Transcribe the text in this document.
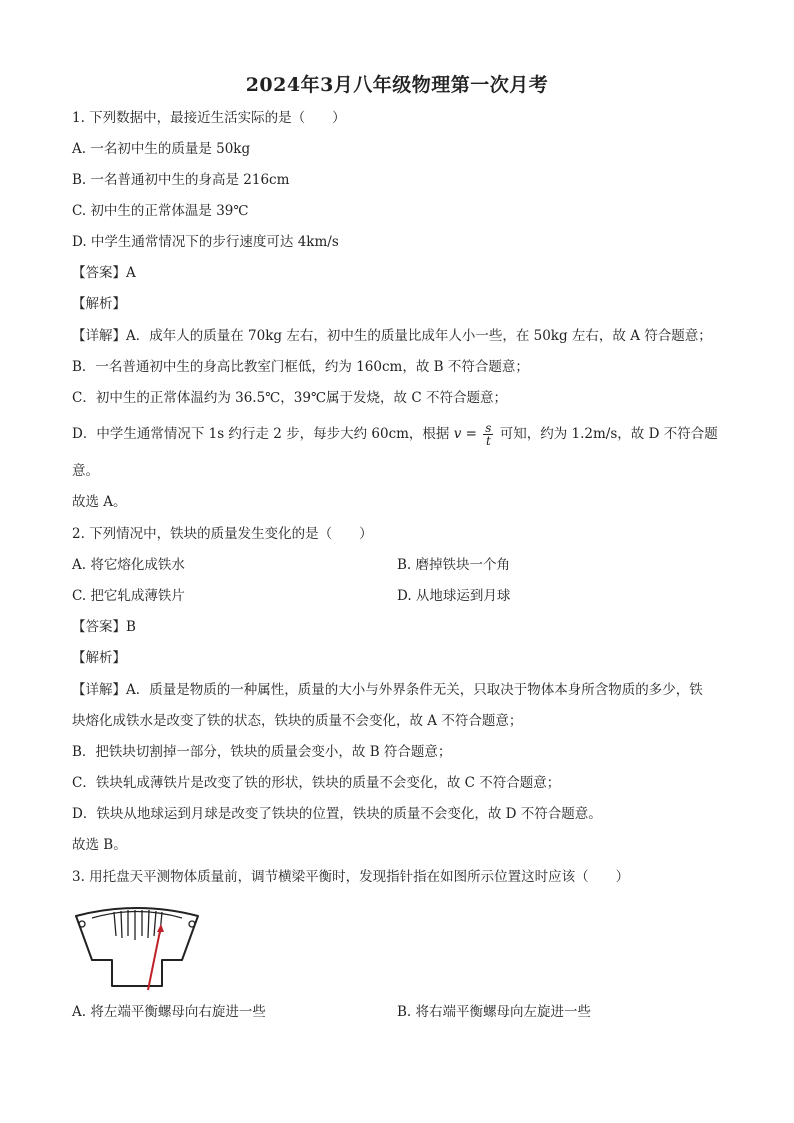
2024年3月八年级物理第一次月考
1. 下列数据中，最接近生活实际的是（　　）
A. 一名初中生的质量是 50kg
B. 一名普通初中生的身高是 216cm
C. 初中生的正常体温是 39℃
D. 中学生通常情况下的步行速度可达 4km/s
【答案】A
【解析】
【详解】A．成年人的质量在 70kg 左右，初中生的质量比成年人小一些，在 50kg 左右，故 A 符合题意；
B．一名普通初中生的身高比教室门框低，约为 160cm，故 B 不符合题意；
C．初中生的正常体温约为 36.5℃，39℃属于发烧，故 C 不符合题意；
D．中学生通常情况下 1s 约行走 2 步，每步大约 60cm，根据 $v = \frac{s}{t}$ 可知，约为 1.2m/s，故 D 不符合题
意。
故选 A。
2. 下列情况中，铁块的质量发生变化的是（　　）
A. 将它熔化成铁水	B. 磨掉铁块一个角
C. 把它轧成薄铁片	D. 从地球运到月球
【答案】B
【解析】
【详解】A．质量是物质的一种属性，质量的大小与外界条件无关，只取决于物体本身所含物质的多少，铁
块熔化成铁水是改变了铁的状态，铁块的质量不会变化，故 A 不符合题意；
B．把铁块切割掉一部分，铁块的质量会变小，故 B 符合题意；
C．铁块轧成薄铁片是改变了铁的形状，铁块的质量不会变化，故 C 不符合题意；
D．铁块从地球运到月球是改变了铁块的位置，铁块的质量不会变化，故 D 不符合题意。
故选 B。
3. 用托盘天平测物体质量前，调节横梁平衡时，发现指针指在如图所示位置这时应该（　　）
A. 将左端平衡螺母向右旋进一些	B. 将右端平衡螺母向左旋进一些
